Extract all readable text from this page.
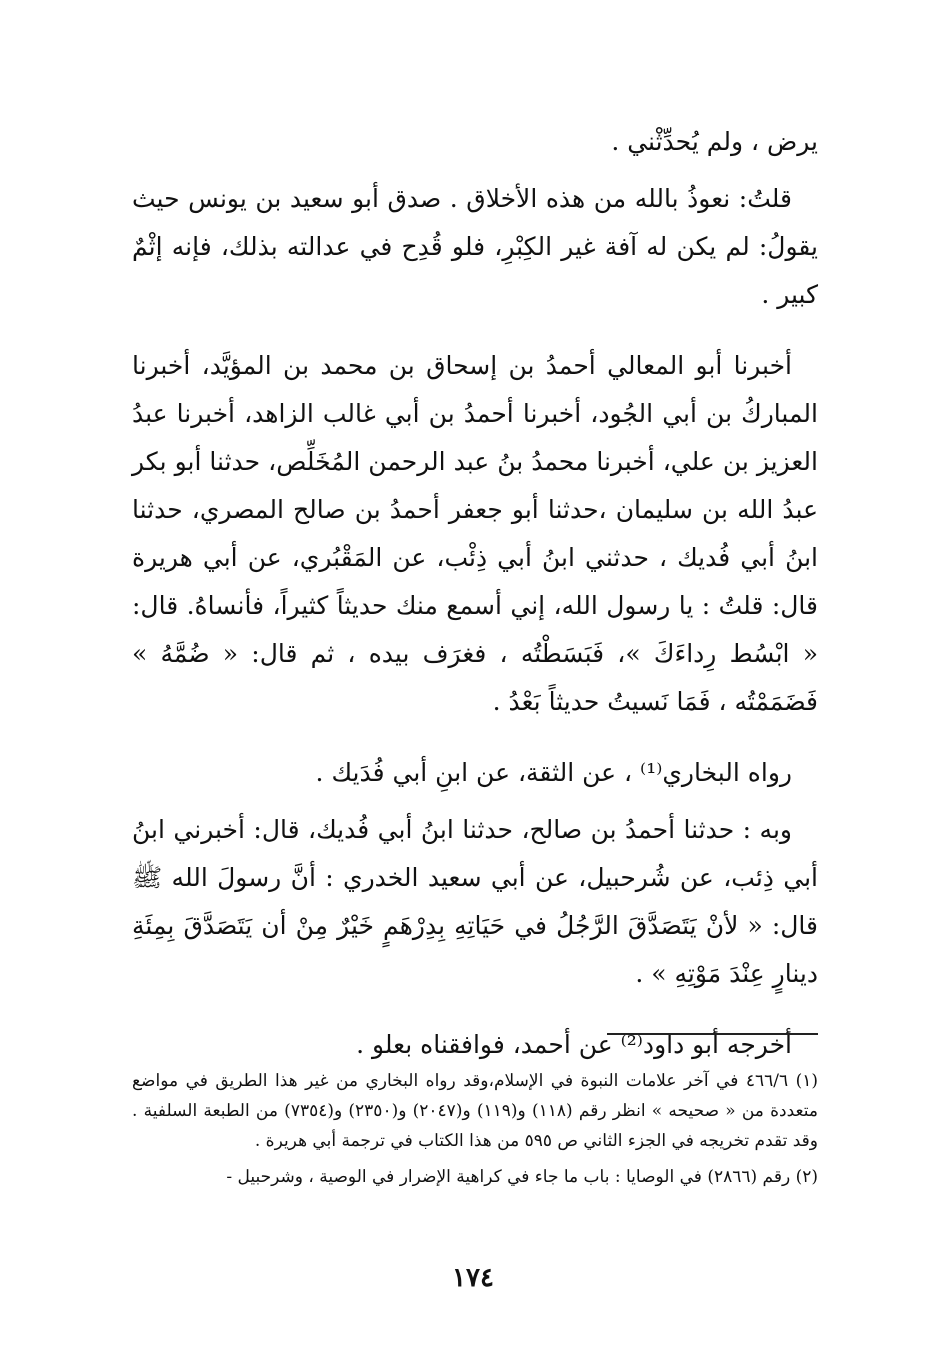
يرض ، ولم يُحدِّثْني .

قلتُ: نعوذُ بالله من هذه الأخلاق . صدق أبو سعيد بن يونس حيث يقولُ: لم يكن له آفة غير الكِبْرِ، فلو قُدِح في عدالته بذلك، فإنه إثْمٌ كبير .

أخبرنا أبو المعالي أحمدُ بن إسحاق بن محمد بن المؤيَّد، أخبرنا المباركُ بن أبي الجُود، أخبرنا أحمدُ بن أبي غالب الزاهد، أخبرنا عبدُ العزيز بن علي، أخبرنا محمدُ بنُ عبد الرحمن المُخَلِّص، حدثنا أبو بكر عبدُ الله بن سليمان ،حدثنا أبو جعفر أحمدُ بن صالح المصري، حدثنا ابنُ أبي فُديك ، حدثني ابنُ أبي ذِئْب، عن المَقْبُري، عن أبي هريرة قال: قلتُ : يا رسول الله، إني أسمع منك حديثاً كثيراً، فأنساهُ. قال: « ابْسُط رِداءَكَ »، فَبَسَطْتُه ، فغرَف بيده ، ثم قال: « ضُمَّهُ » فَضَمَمْتُه ، فَمَا نَسيتُ حديثاً بَعْدُ .

رواه البخاري⁽¹⁾ ، عن الثقة، عن ابنِ أبي فُدَيك .

وبه : حدثنا أحمدُ بن صالح، حدثنا ابنُ أبي فُديك، قال: أخبرني ابنُ أبي ذِئب، عن شُرحبيل، عن أبي سعيد الخدري : أنَّ رسولَ الله ﷺ قال: « لأنْ يَتَصَدَّقَ الرَّجُلُ في حَيَاتِهِ بِدِرْهَمٍ خَيْرٌ مِنْ أن يَتَصَدَّقَ بِمِئَةِ دينارٍ عِنْدَ مَوْتِهِ » .

أخرجه أبو داود⁽²⁾ عن أحمد، فوافقناه بعلو .

(١) ٤٦٦/٦ في آخر علامات النبوة في الإسلام،وقد رواه البخاري من غير هذا الطريق في مواضع متعددة من « صحيحه » انظر رقم (١١٨) و(١١٩) و(٢٠٤٧) و(٢٣٥٠) و(٧٣٥٤) من الطبعة السلفية . وقد تقدم تخريجه في الجزء الثاني ص ٥٩٥ من هذا الكتاب في ترجمة أبي هريرة .

(٢) رقم (٢٨٦٦) في الوصايا : باب ما جاء في كراهية الإضرار في الوصية ، وشرحبيل -

١٧٤
